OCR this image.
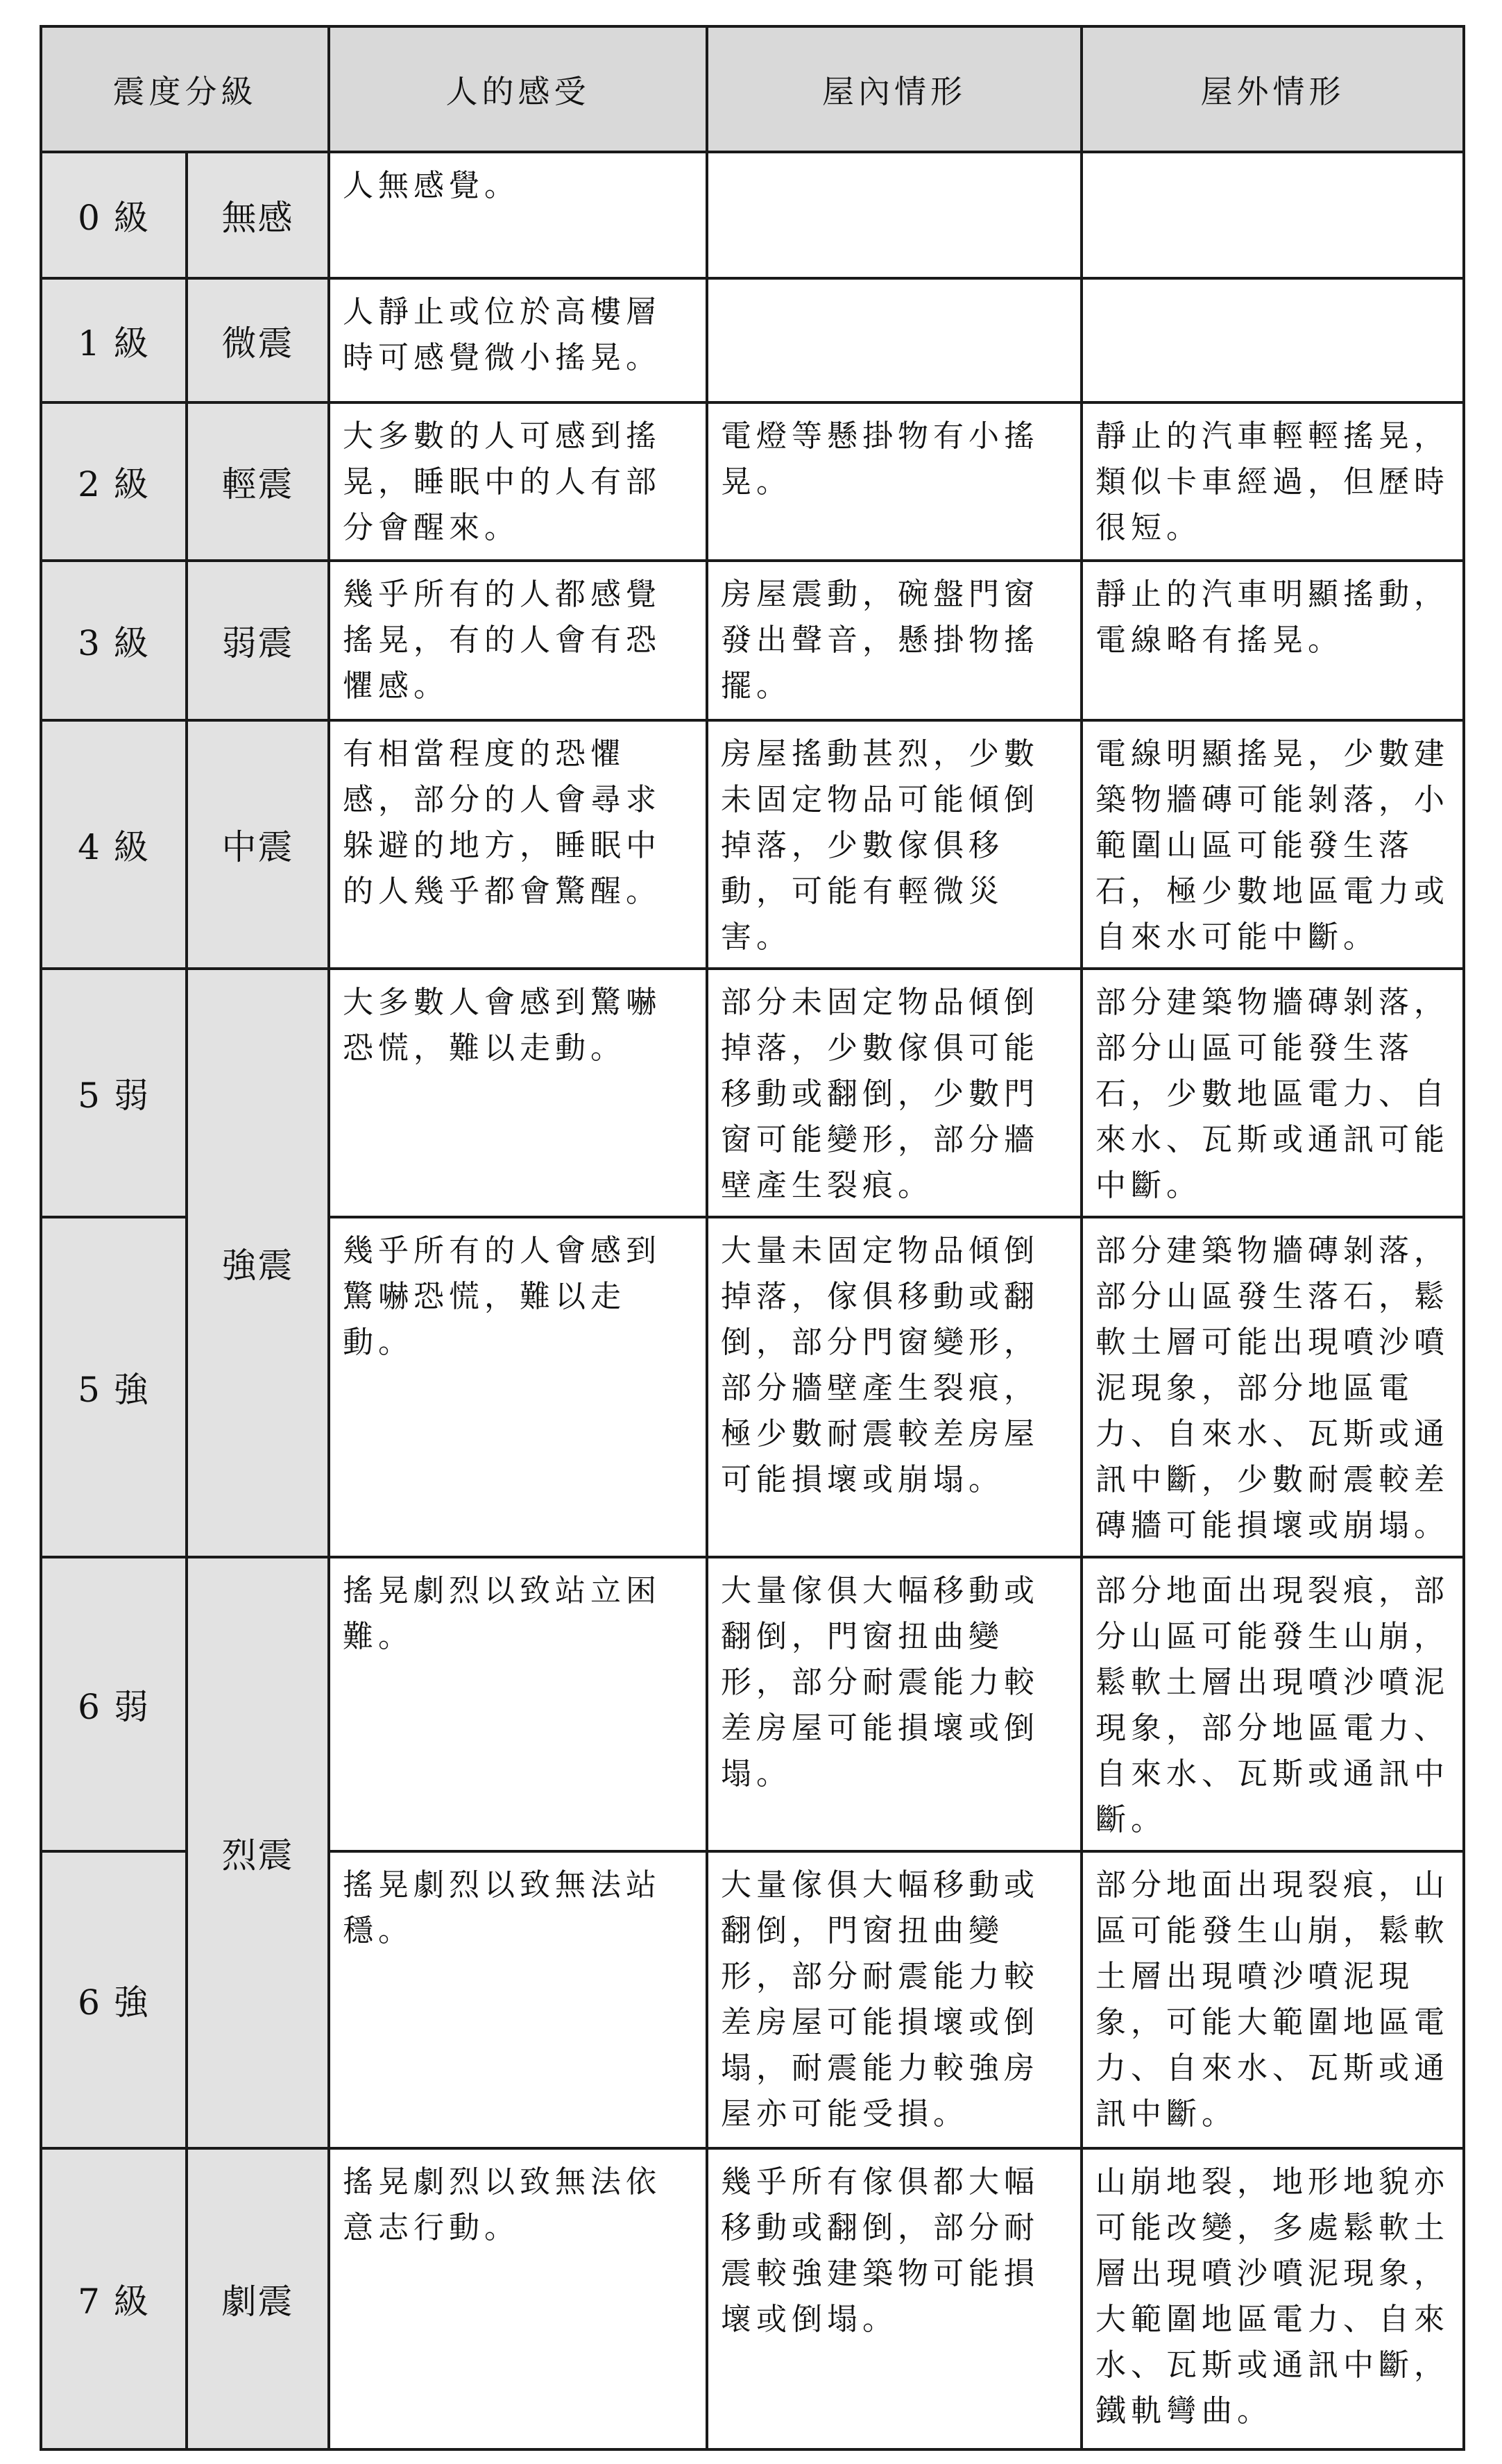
震度分級		人的感受	屋內情形	屋外情形
0 級	無感	人無感覺。		
1 級	微震	人靜止或位於高樓層時可感覺微小搖晃。		
2 級	輕震	大多數的人可感到搖晃，睡眠中的人有部分會醒來。	電燈等懸掛物有小搖晃。	靜止的汽車輕輕搖晃，類似卡車經過，但歷時很短。
3 級	弱震	幾乎所有的人都感覺搖晃，有的人會有恐懼感。	房屋震動，碗盤門窗發出聲音，懸掛物搖擺。	靜止的汽車明顯搖動，電線略有搖晃。
4 級	中震	有相當程度的恐懼感，部分的人會尋求躲避的地方，睡眠中的人幾乎都會驚醒。	房屋搖動甚烈，少數未固定物品可能傾倒掉落，少數傢俱移動，可能有輕微災害。	電線明顯搖晃，少數建築物牆磚可能剝落，小範圍山區可能發生落石，極少數地區電力或自來水可能中斷。
5 弱	強震	大多數人會感到驚嚇恐慌，難以走動。	部分未固定物品傾倒掉落，少數傢俱可能移動或翻倒，少數門窗可能變形，部分牆壁產生裂痕。	部分建築物牆磚剝落，部分山區可能發生落石，少數地區電力、自來水、瓦斯或通訊可能中斷。
5 強		幾乎所有的人會感到驚嚇恐慌，難以走動。	大量未固定物品傾倒掉落，傢俱移動或翻倒，部分門窗變形，部分牆壁產生裂痕，極少數耐震較差房屋可能損壞或崩塌。	部分建築物牆磚剝落，部分山區發生落石，鬆軟土層可能出現噴沙噴泥現象，部分地區電力、自來水、瓦斯或通訊中斷，少數耐震較差磚牆可能損壞或崩塌。
6 弱	烈震	搖晃劇烈以致站立困難。	大量傢俱大幅移動或翻倒，門窗扭曲變形，部分耐震能力較差房屋可能損壞或倒塌。	部分地面出現裂痕，部分山區可能發生山崩，鬆軟土層出現噴沙噴泥現象，部分地區電力、自來水、瓦斯或通訊中斷。
6 強		搖晃劇烈以致無法站穩。	大量傢俱大幅移動或翻倒，門窗扭曲變形，部分耐震能力較差房屋可能損壞或倒塌，耐震能力較強房屋亦可能受損。	部分地面出現裂痕，山區可能發生山崩，鬆軟土層出現噴沙噴泥現象，可能大範圍地區電力、自來水、瓦斯或通訊中斷。
7 級	劇震	搖晃劇烈以致無法依意志行動。	幾乎所有傢俱都大幅移動或翻倒，部分耐震較強建築物可能損壞或倒塌。	山崩地裂，地形地貌亦可能改變，多處鬆軟土層出現噴沙噴泥現象，大範圍地區電力、自來水、瓦斯或通訊中斷，鐵軌彎曲。
